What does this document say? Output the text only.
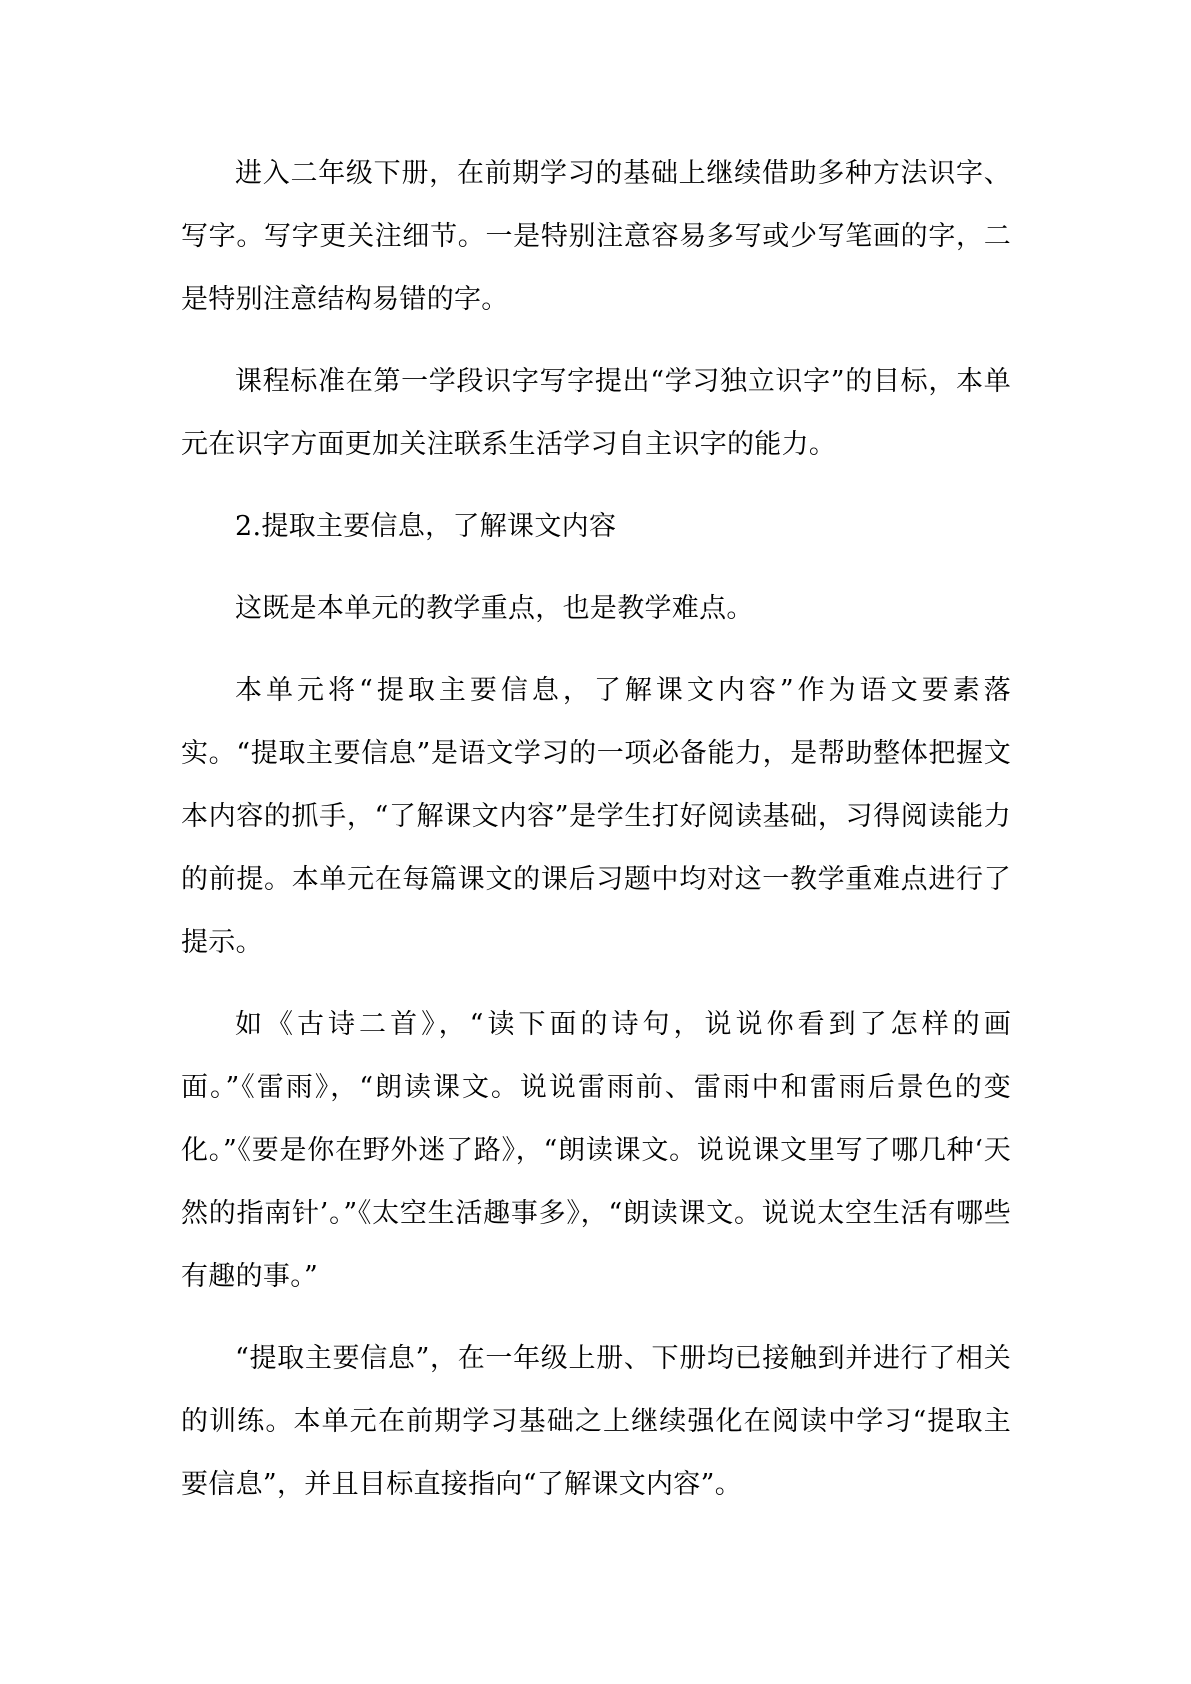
进入二年级下册，在前期学习的基础上继续借助多种方法识字、写字。写字更关注细节。一是特别注意容易多写或少写笔画的字，二是特别注意结构易错的字。

课程标准在第一学段识字写字提出“学习独立识字”的目标，本单元在识字方面更加关注联系生活学习自主识字的能力。

2.提取主要信息，了解课文内容

这既是本单元的教学重点，也是教学难点。

本单元将“提取主要信息，了解课文内容”作为语文要素落实。“提取主要信息”是语文学习的一项必备能力，是帮助整体把握文本内容的抓手，“了解课文内容”是学生打好阅读基础，习得阅读能力的前提。本单元在每篇课文的课后习题中均对这一教学重难点进行了提示。

如《古诗二首》，“读下面的诗句，说说你看到了怎样的画面。”《雷雨》，“朗读课文。说说雷雨前、雷雨中和雷雨后景色的变化。”《要是你在野外迷了路》，“朗读课文。说说课文里写了哪几种‘天然的指南针’。”《太空生活趣事多》，“朗读课文。说说太空生活有哪些有趣的事。”

“提取主要信息”，在一年级上册、下册均已接触到并进行了相关的训练。本单元在前期学习基础之上继续强化在阅读中学习“提取主要信息”，并且目标直接指向“了解课文内容”。
